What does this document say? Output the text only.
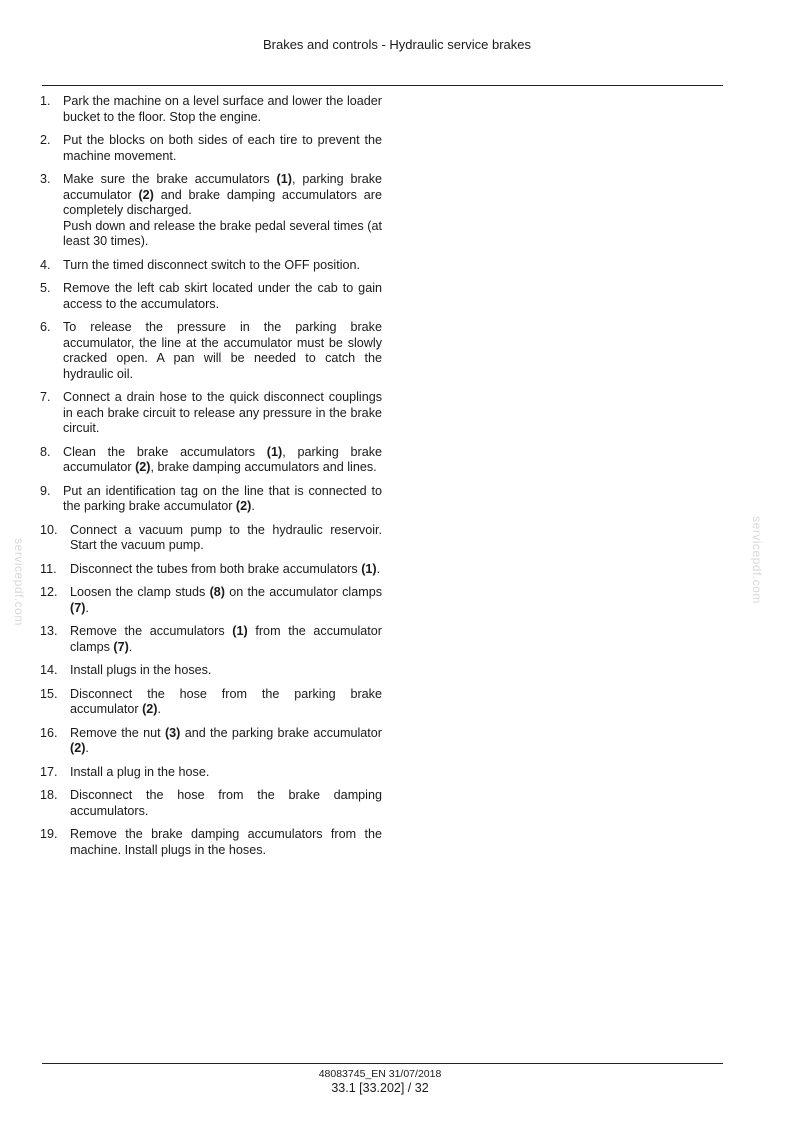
Brakes and controls - Hydraulic service brakes
1. Park the machine on a level surface and lower the loader bucket to the floor. Stop the engine.
2. Put the blocks on both sides of each tire to prevent the machine movement.
3. Make sure the brake accumulators (1), parking brake accumulator (2) and brake damping accumulators are completely discharged.
Push down and release the brake pedal several times (at least 30 times).
4. Turn the timed disconnect switch to the OFF position.
5. Remove the left cab skirt located under the cab to gain access to the accumulators.
6. To release the pressure in the parking brake accumulator, the line at the accumulator must be slowly cracked open. A pan will be needed to catch the hydraulic oil.
7. Connect a drain hose to the quick disconnect couplings in each brake circuit to release any pressure in the brake circuit.
8. Clean the brake accumulators (1), parking brake accumulator (2), brake damping accumulators and lines.
9. Put an identification tag on the line that is connected to the parking brake accumulator (2).
10. Connect a vacuum pump to the hydraulic reservoir. Start the vacuum pump.
11.	Disconnect the tubes from both brake accumulators (1).
12. Loosen the clamp studs (8) on the accumulator clamps (7).
13. Remove the accumulators (1) from the accumulator clamps (7).
14. Install plugs in the hoses.
15. Disconnect the hose from the parking brake accumulator (2).
16. Remove the nut (3) and the parking brake accumulator (2).
17. Install a plug in the hose.
18. Disconnect the hose from the brake damping accumulators.
19. Remove the brake damping accumulators from the machine. Install plugs in the hoses.
servicepdf.com	servicepdf.com
48083745_EN 31/07/2018
33.1 [33.202] / 32
